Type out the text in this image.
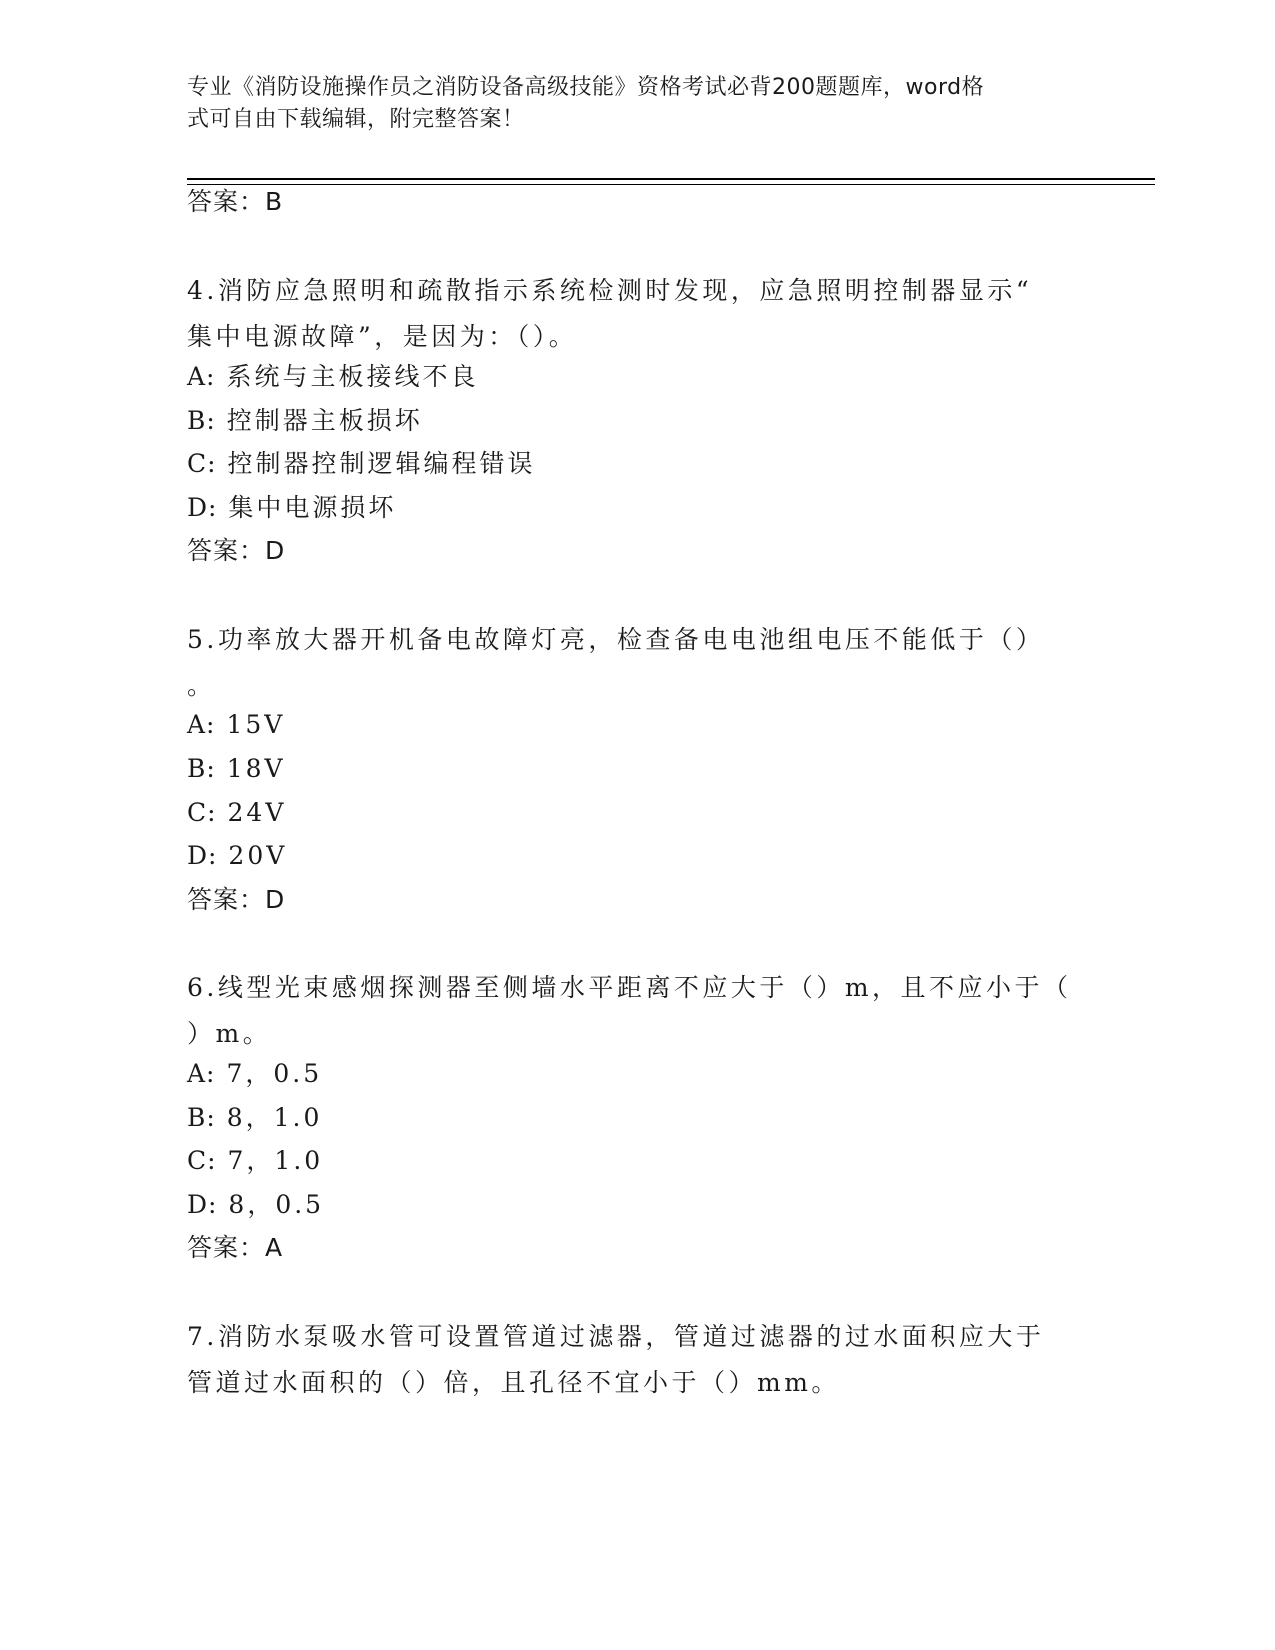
专业《消防设施操作员之消防设备高级技能》资格考试必背200题题库，word格
式可自由下载编辑，附完整答案！

答案：B

4.消防应急照明和疏散指示系统检测时发现，应急照明控制器显示“
集中电源故障”，是因为：（）。

A: 系统与主板接线不良

B: 控制器主板损坏

C: 控制器控制逻辑编程错误

D: 集中电源损坏

答案：D

5.功率放大器开机备电故障灯亮，检查备电电池组电压不能低于（）
。

A: 15V

B: 18V

C: 24V

D: 20V

答案：D

6.线型光束感烟探测器至侧墙水平距离不应大于（）m，且不应小于（
）m。

A: 7，0.5

B: 8，1.0

C: 7，1.0

D: 8，0.5

答案：A

7.消防水泵吸水管可设置管道过滤器，管道过滤器的过水面积应大于
管道过水面积的（）倍，且孔径不宜小于（）mm。
